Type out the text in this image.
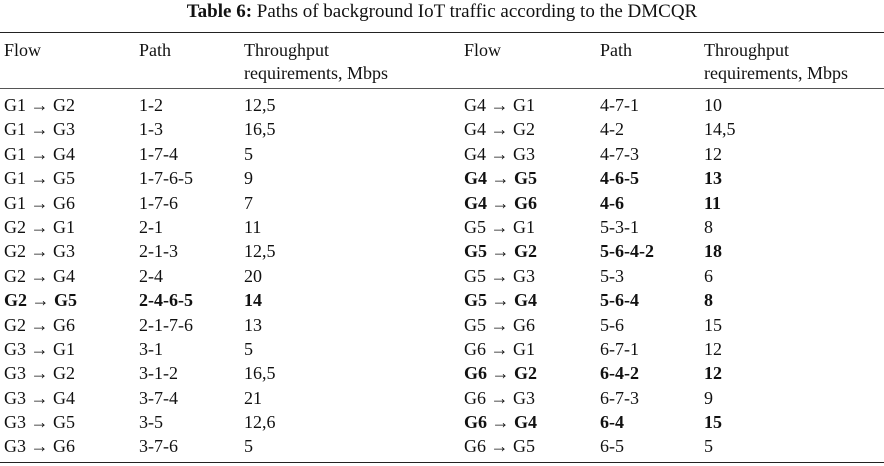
Table 6: Paths of background IoT traffic according to the DMCQR
Flow	Path	Throughput
requirements, Mbps
G1 → G2	1-2	12,5
G1 → G3	1-3	16,5
G1 → G4	1-7-4	5
G1 → G5	1-7-6-5	9
G1 → G6	1-7-6	7
G2 → G1	2-1	11
G2 → G3	2-1-3	12,5
G2 → G4	2-4	20
G2 → G5	2-4-6-5	14
G2 → G6	2-1-7-6	13
G3 → G1	3-1	5
G3 → G2	3-1-2	16,5
G3 → G4	3-7-4	21
G3 → G5	3-5	12,6
G3 → G6	3-7-6	5
Flow	Path	Throughput
requirements, Mbps
G4 → G1	4-7-1	10
G4 → G2	4-2	14,5
G4 → G3	4-7-3	12
G4 → G5	4-6-5	13
G4 → G6	4-6	11
G5 → G1	5-3-1	8
G5 → G2	5-6-4-2	18
G5 → G3	5-3	6
G5 → G4	5-6-4	8
G5 → G6	5-6	15
G6 → G1	6-7-1	12
G6 → G2	6-4-2	12
G6 → G3	6-7-3	9
G6 → G4	6-4	15
G6 → G5	6-5	5
